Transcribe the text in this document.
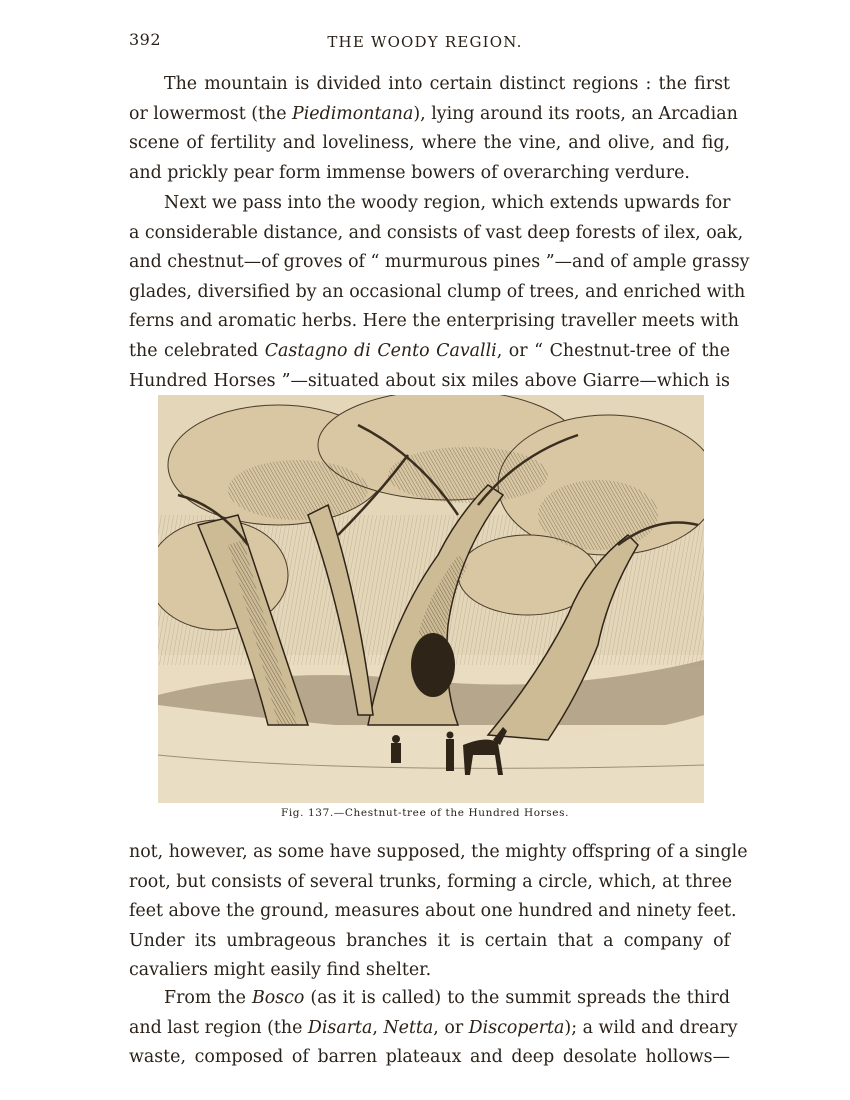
392	THE WOODY REGION.
The mountain is divided into certain distinct regions : the first
or lowermost (the Piedimontana), lying around its roots, an Arcadian
scene of fertility and loveliness, where the vine, and olive, and fig,
and prickly pear form immense bowers of overarching verdure.
Next we pass into the woody region, which extends upwards for
a considerable distance, and consists of vast deep forests of ilex, oak,
and chestnut—of groves of “ murmurous pines ”—and of ample grassy
glades, diversified by an occasional clump of trees, and enriched with
ferns and aromatic herbs. Here the enterprising traveller meets with
the celebrated Castagno di Cento Cavalli, or “ Chestnut-tree of the
Hundred Horses ”—situated about six miles above Giarre—which is
Fig. 137.—Chestnut-tree of the Hundred Horses.
not, however, as some have supposed, the mighty offspring of a single
root, but consists of several trunks, forming a circle, which, at three
feet above the ground, measures about one hundred and ninety feet.
Under its umbrageous branches it is certain that a company of
cavaliers might easily find shelter.
From the Bosco (as it is called) to the summit spreads the third
and last region (the Disarta, Netta, or Discoperta); a wild and dreary
waste, composed of barren plateaux and deep desolate hollows—
